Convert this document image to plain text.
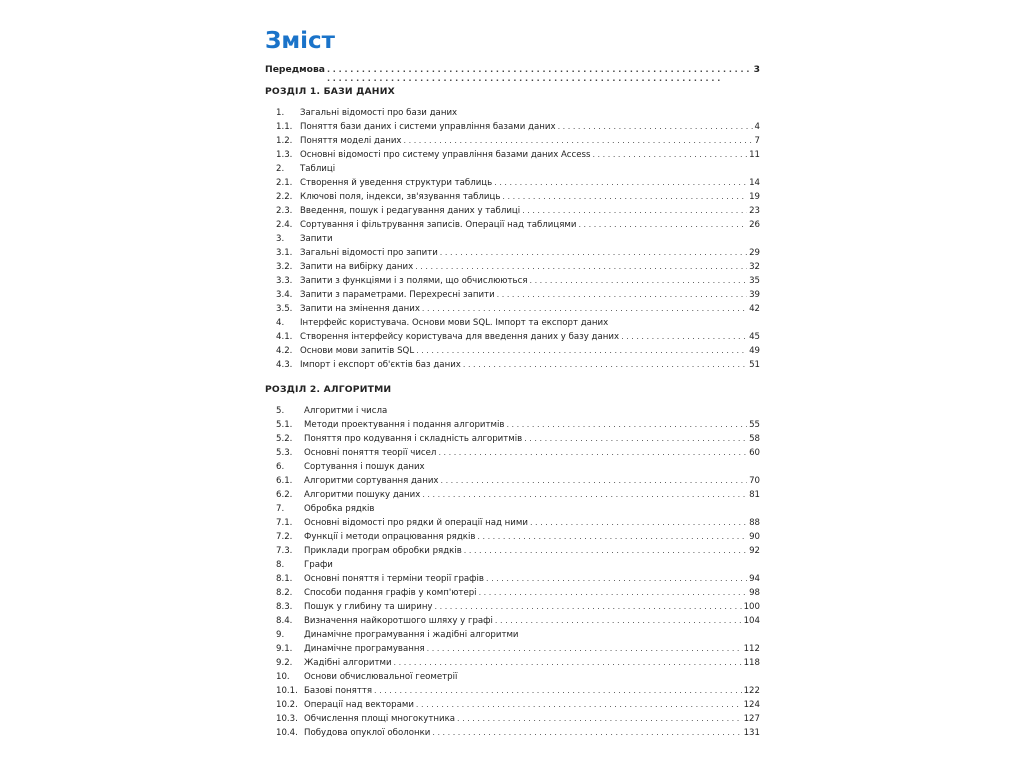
Зміст
Передмова . . .	3
РОЗДІЛ 1. БАЗИ ДАНИХ
1.	Загальні відомості про бази даних
1.1. Поняття бази даних і системи управління базами даних . . .	4
1.2. Поняття моделі даних . . .	7
1.3. Основні відомості про систему управління базами даних Access . . .	11
2.	Таблиці
2.1. Створення й уведення структури таблиць . . .	14
2.2. Ключові поля, індекси, зв'язування таблиць . . .	19
2.3. Введення, пошук і редагування даних у таблиці . . .	23
2.4. Сортування і фільтрування записів. Операції над таблицями . . .	26
3.	Запити
3.1. Загальні відомості про запити . . .	29
3.2. Запити на вибірку даних . . .	32
3.3. Запити з функціями і з полями, що обчислюються . . .	35
3.4. Запити з параметрами. Перехресні запити . . .	39
3.5. Запити на змінення даних . . .	42
4.	Інтерфейс користувача. Основи мови SQL. Імпорт та експорт даних
4.1. Створення інтерфейсу користувача для введення даних у базу даних . . .	45
4.2. Основи мови запитів SQL . . .	49
4.3. Імпорт і експорт об'єктів баз даних . . .	51
РОЗДІЛ 2. АЛГОРИТМИ
5.	Алгоритми і числа
5.1.	Методи проектування і подання алгоритмів . . .	55
5.2.	Поняття про кодування і складність алгоритмів . . .	58
5.3.	Основні поняття теорії чисел . . .	60
6.	Сортування і пошук даних
6.1.	Алгоритми сортування даних . . .	70
6.2.	Алгоритми пошуку даних . . .	81
7.	Обробка рядків
7.1.	Основні відомості про рядки й операції над ними . . .	88
7.2.	Функції і методи опрацювання рядків . . .	90
7.3.	Приклади програм обробки рядків . . .	92
8.	Графи
8.1.	Основні поняття і терміни теорії графів . . .	94
8.2.	Способи подання графів у комп'ютері . . .	98
8.3.	Пошук у глибину та ширину . . .	100
8.4.	Визначення найкоротшого шляху у графі . . .	104
9.	Динамічне програмування і жадібні алгоритми
9.1.	Динамічне програмування . . .	112
9.2.	Жадібні алгоритми . . .	118
10.	Основи обчислювальної геометрії
10.1. Базові поняття . . .	122
10.2. Операції над векторами . . .	124
10.3. Обчислення площі многокутника . . .	127
10.4. Побудова опуклої оболонки . . .	131
